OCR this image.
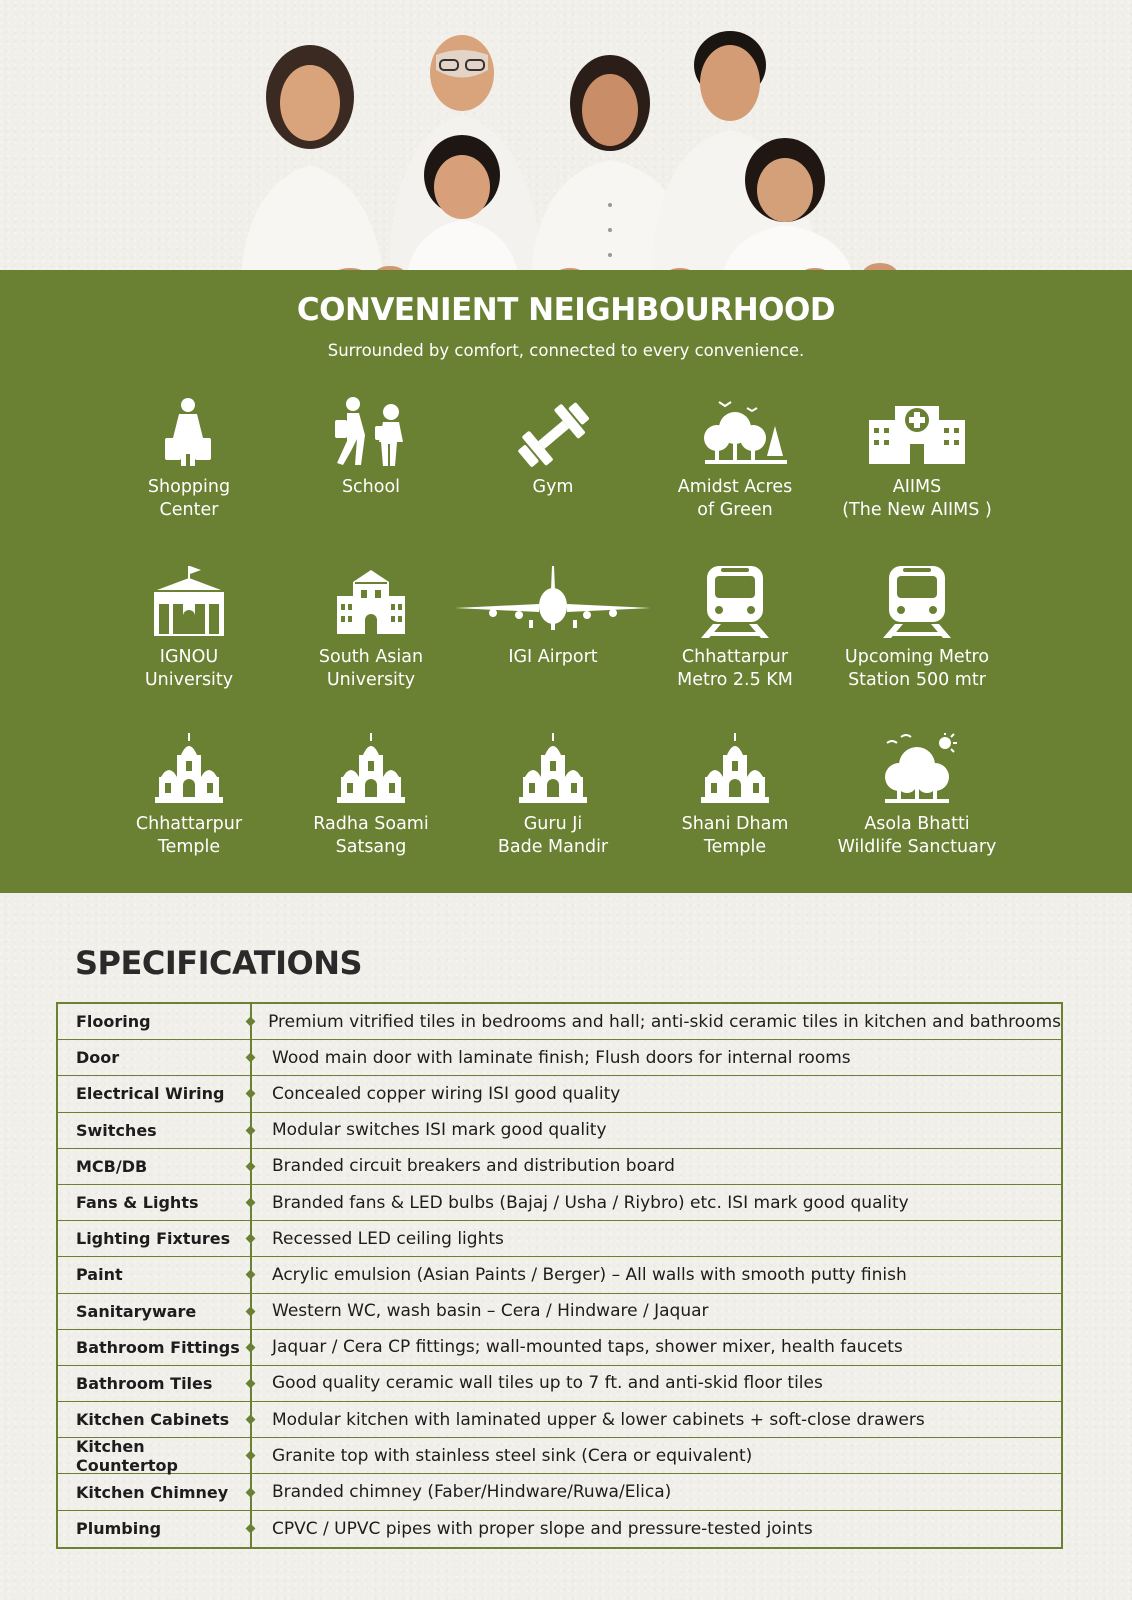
CONVENIENT NEIGHBOURHOOD
Surrounded by comfort, connected to every convenience.
Shopping
Center
School	Gym	Amidst Acres
of Green
AIIMS
(The New AIIMS )
IGNOU
University
South Asian
University
IGI Airport	Chhattarpur
Metro 2.5 KM
Upcoming Metro
Station 500 mtr
Chhattarpur
Temple
Radha Soami
Satsang
Guru Ji
Bade Mandir
Shani Dham
Temple
Asola Bhatti
Wildlife Sanctuary
SPECIFICATIONS
Flooring	Premium vitrified tiles in bedrooms and hall; anti-skid ceramic tiles in kitchen and bathrooms
Door	Wood main door with laminate finish; Flush doors for internal rooms
Electrical Wiring	Concealed copper wiring ISI good quality
Switches	Modular switches ISI mark good quality
MCB/DB	Branded circuit breakers and distribution board
Fans & Lights	Branded fans & LED bulbs (Bajaj / Usha / Riybro) etc. ISI mark good quality
Lighting Fixtures	Recessed LED ceiling lights
Paint	Acrylic emulsion (Asian Paints / Berger) – All walls with smooth putty finish
Sanitaryware	Western WC, wash basin – Cera / Hindware / Jaquar
Bathroom Fittings	Jaquar / Cera CP fittings; wall-mounted taps, shower mixer, health faucets
Bathroom Tiles	Good quality ceramic wall tiles up to 7 ft. and anti-skid floor tiles
Kitchen Cabinets	Modular kitchen with laminated upper & lower cabinets + soft-close drawers
Kitchen Countertop	Granite top with stainless steel sink (Cera or equivalent)
Kitchen Chimney	Branded chimney (Faber/Hindware/Ruwa/Elica)
Plumbing	CPVC / UPVC pipes with proper slope and pressure-tested joints
